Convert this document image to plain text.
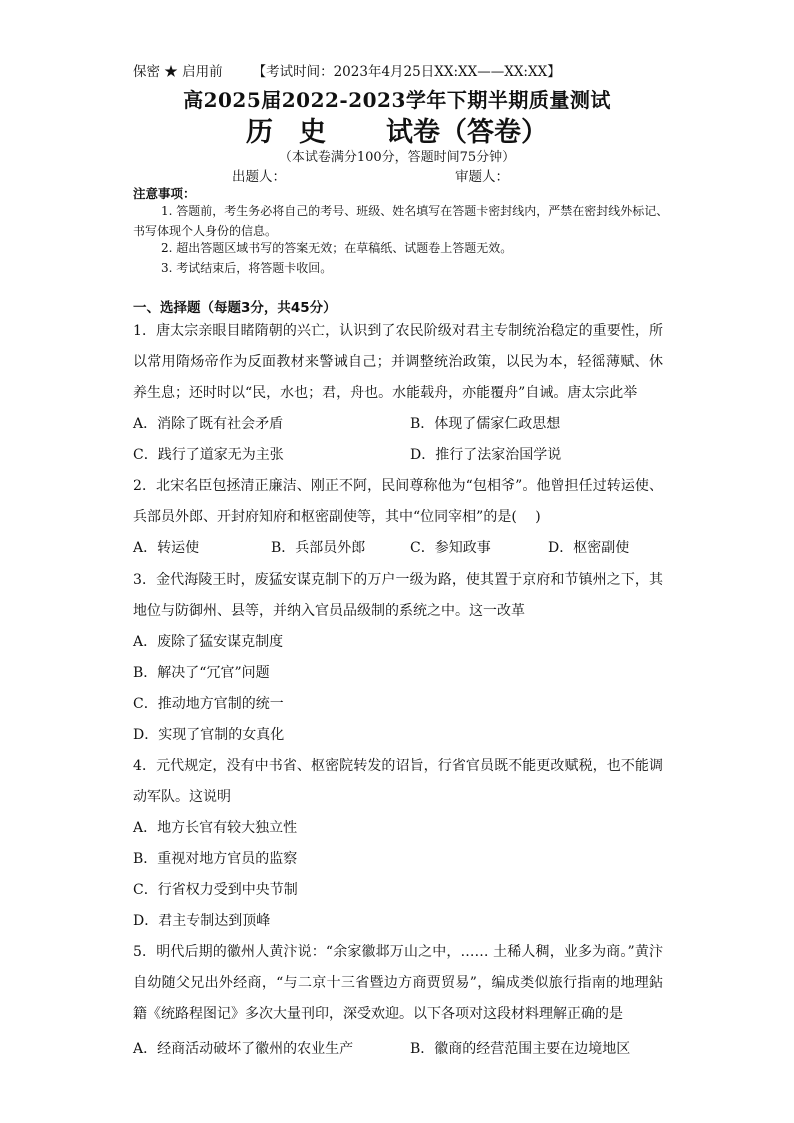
保密 ★ 启用前 【考试时间：2023年4月25日XX:XX——XX:XX】
高2025届2022-2023学年下期半期质量测试
历 史 试卷（答卷）
（本试卷满分100分，答题时间75分钟）
出题人：	审题人：
注意事项：
1. 答题前，考生务必将自己的考号、班级、姓名填写在答题卡密封线内，严禁在密封线外标记、书写体现个人身份的信息。
2. 超出答题区域书写的答案无效；在草稿纸、试题卷上答题无效。
3. 考试结束后，将答题卡收回。
一、选择题（每题3分，共45分）
1．唐太宗亲眼目睹隋朝的兴亡，认识到了农民阶级对君主专制统治稳定的重要性，所以常用隋炀帝作为反面教材来警诫自己；并调整统治政策，以民为本，轻徭薄赋、休养生息；还时时以“民，水也；君，舟也。水能载舟，亦能覆舟”自诫。唐太宗此举
A．消除了既有社会矛盾	B．体现了儒家仁政思想
C．践行了道家无为主张	D．推行了法家治国学说
2．北宋名臣包拯清正廉洁、刚正不阿，民间尊称他为“包相爷”。他曾担任过转运使、兵部员外郎、开封府知府和枢密副使等，其中“位同宰相”的是(　 )
A．转运使	B．兵部员外郎	C．参知政事	D．枢密副使
3．金代海陵王时，废猛安谋克制下的万户一级为路，使其置于京府和节镇州之下，其地位与防御州、县等，并纳入官员品级制的系统之中。这一改革
A．废除了猛安谋克制度
B．解决了“冗官”问题
C．推动地方官制的统一
D．实现了官制的女真化
4．元代规定，没有中书省、枢密院转发的诏旨，行省官员既不能更改赋税，也不能调动军队。这说明
A．地方长官有较大独立性
B．重视对地方官员的监察
C．行省权力受到中央节制
D．君主专制达到顶峰
5．明代后期的徽州人黄汴说：“余家徽邶万山之中，…… 土稀人稠，业多为商。”黄汴自幼随父兄出外经商，“与二京十三省暨边方商贾贸易”，编成类似旅行指南的地理鉆籍《统路程图记》多次大量刊印，深受欢迎。以下各项对这段材料理解正确的是
A．经商活动破坏了徽州的农业生产	B．徽商的经营范围主要在边境地区
